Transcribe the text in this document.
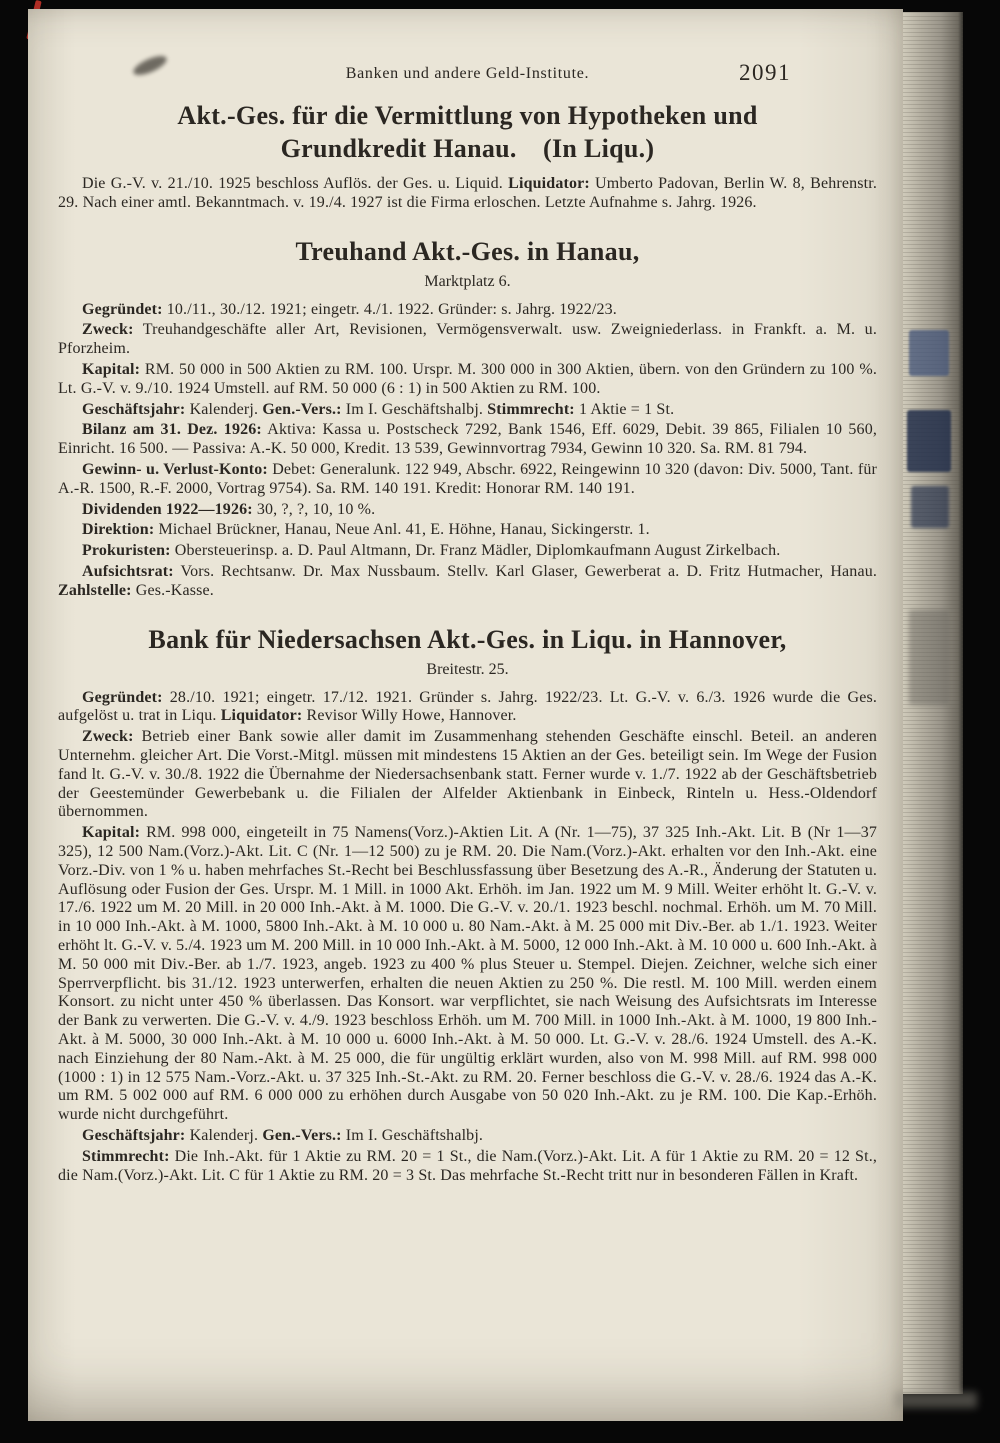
Banken und andere Geld-Institute.	2091
Akt.-Ges. für die Vermittlung von Hypotheken und
Grundkredit Hanau. (In Liqu.)

Die G.-V. v. 21./10. 1925 beschloss Auflös. der Ges. u. Liquid. Liquidator: Umberto Padovan, Berlin W. 8, Behrenstr. 29. Nach einer amtl. Bekanntmach. v. 19./4. 1927 ist die Firma erloschen. Letzte Aufnahme s. Jahrg. 1926.

Treuhand Akt.-Ges. in Hanau,
Marktplatz 6.

Gegründet: 10./11., 30./12. 1921; eingetr. 4./1. 1922. Gründer: s. Jahrg. 1922/23.

Zweck: Treuhandgeschäfte aller Art, Revisionen, Vermögensverwalt. usw. Zweigniederlass. in Frankft. a. M. u. Pforzheim.

Kapital: RM. 50 000 in 500 Aktien zu RM. 100. Urspr. M. 300 000 in 300 Aktien, übern. von den Gründern zu 100 %. Lt. G.-V. v. 9./10. 1924 Umstell. auf RM. 50 000 (6 : 1) in 500 Aktien zu RM. 100.

Geschäftsjahr: Kalenderj. Gen.-Vers.: Im I. Geschäftshalbj. Stimmrecht: 1 Aktie = 1 St.

Bilanz am 31. Dez. 1926: Aktiva: Kassa u. Postscheck 7292, Bank 1546, Eff. 6029, Debit. 39 865, Filialen 10 560, Einricht. 16 500. — Passiva: A.-K. 50 000, Kredit. 13 539, Gewinnvortrag 7934, Gewinn 10 320. Sa. RM. 81 794.

Gewinn- u. Verlust-Konto: Debet: Generalunk. 122 949, Abschr. 6922, Reingewinn 10 320 (davon: Div. 5000, Tant. für A.-R. 1500, R.-F. 2000, Vortrag 9754). Sa. RM. 140 191. Kredit: Honorar RM. 140 191.

Dividenden 1922—1926: 30, ?, ?, 10, 10 %.

Direktion: Michael Brückner, Hanau, Neue Anl. 41, E. Höhne, Hanau, Sickingerstr. 1.

Prokuristen: Obersteuerinsp. a. D. Paul Altmann, Dr. Franz Mädler, Diplomkaufmann August Zirkelbach.

Aufsichtsrat: Vors. Rechtsanw. Dr. Max Nussbaum. Stellv. Karl Glaser, Gewerberat a. D. Fritz Hutmacher, Hanau. Zahlstelle: Ges.-Kasse.

Bank für Niedersachsen Akt.-Ges. in Liqu. in Hannover,
Breitestr. 25.

Gegründet: 28./10. 1921; eingetr. 17./12. 1921. Gründer s. Jahrg. 1922/23. Lt. G.-V. v. 6./3. 1926 wurde die Ges. aufgelöst u. trat in Liqu. Liquidator: Revisor Willy Howe, Hannover.

Zweck: Betrieb einer Bank sowie aller damit im Zusammenhang stehenden Geschäfte einschl. Beteil. an anderen Unternehm. gleicher Art. Die Vorst.-Mitgl. müssen mit mindestens 15 Aktien an der Ges. beteiligt sein. Im Wege der Fusion fand lt. G.-V. v. 30./8. 1922 die Übernahme der Niedersachsenbank statt. Ferner wurde v. 1./7. 1922 ab der Geschäftsbetrieb der Geestemünder Gewerbebank u. die Filialen der Alfelder Aktienbank in Einbeck, Rinteln u. Hess.-Oldendorf übernommen.

Kapital: RM. 998 000, eingeteilt in 75 Namens(Vorz.)-Aktien Lit. A (Nr. 1—75), 37 325 Inh.-Akt. Lit. B (Nr 1—37 325), 12 500 Nam.(Vorz.)-Akt. Lit. C (Nr. 1—12 500) zu je RM. 20. Die Nam.(Vorz.)-Akt. erhalten vor den Inh.-Akt. eine Vorz.-Div. von 1 % u. haben mehrfaches St.-Recht bei Beschlussfassung über Besetzung des A.-R., Änderung der Statuten u. Auflösung oder Fusion der Ges. Urspr. M. 1 Mill. in 1000 Akt. Erhöh. im Jan. 1922 um M. 9 Mill. Weiter erhöht lt. G.-V. v. 17./6. 1922 um M. 20 Mill. in 20 000 Inh.-Akt. à M. 1000. Die G.-V. v. 20./1. 1923 beschl. nochmal. Erhöh. um M. 70 Mill. in 10 000 Inh.-Akt. à M. 1000, 5800 Inh.-Akt. à M. 10 000 u. 80 Nam.-Akt. à M. 25 000 mit Div.-Ber. ab 1./1. 1923. Weiter erhöht lt. G.-V. v. 5./4. 1923 um M. 200 Mill. in 10 000 Inh.-Akt. à M. 5000, 12 000 Inh.-Akt. à M. 10 000 u. 600 Inh.-Akt. à M. 50 000 mit Div.-Ber. ab 1./7. 1923, angeb. 1923 zu 400 % plus Steuer u. Stempel. Diejen. Zeichner, welche sich einer Sperrverpflicht. bis 31./12. 1923 unterwerfen, erhalten die neuen Aktien zu 250 %. Die restl. M. 100 Mill. werden einem Konsort. zu nicht unter 450 % überlassen. Das Konsort. war verpflichtet, sie nach Weisung des Aufsichtsrats im Interesse der Bank zu verwerten. Die G.-V. v. 4./9. 1923 beschloss Erhöh. um M. 700 Mill. in 1000 Inh.-Akt. à M. 1000, 19 800 Inh.-Akt. à M. 5000, 30 000 Inh.-Akt. à M. 10 000 u. 6000 Inh.-Akt. à M. 50 000. Lt. G.-V. v. 28./6. 1924 Umstell. des A.-K. nach Einziehung der 80 Nam.-Akt. à M. 25 000, die für ungültig erklärt wurden, also von M. 998 Mill. auf RM. 998 000 (1000 : 1) in 12 575 Nam.-Vorz.-Akt. u. 37 325 Inh.-St.-Akt. zu RM. 20. Ferner beschloss die G.-V. v. 28./6. 1924 das A.-K. um RM. 5 002 000 auf RM. 6 000 000 zu erhöhen durch Ausgabe von 50 020 Inh.-Akt. zu je RM. 100. Die Kap.-Erhöh. wurde nicht durchgeführt.

Geschäftsjahr: Kalenderj. Gen.-Vers.: Im I. Geschäftshalbj.

Stimmrecht: Die Inh.-Akt. für 1 Aktie zu RM. 20 = 1 St., die Nam.(Vorz.)-Akt. Lit. A für 1 Aktie zu RM. 20 = 12 St., die Nam.(Vorz.)-Akt. Lit. C für 1 Aktie zu RM. 20 = 3 St. Das mehrfache St.-Recht tritt nur in besonderen Fällen in Kraft.
